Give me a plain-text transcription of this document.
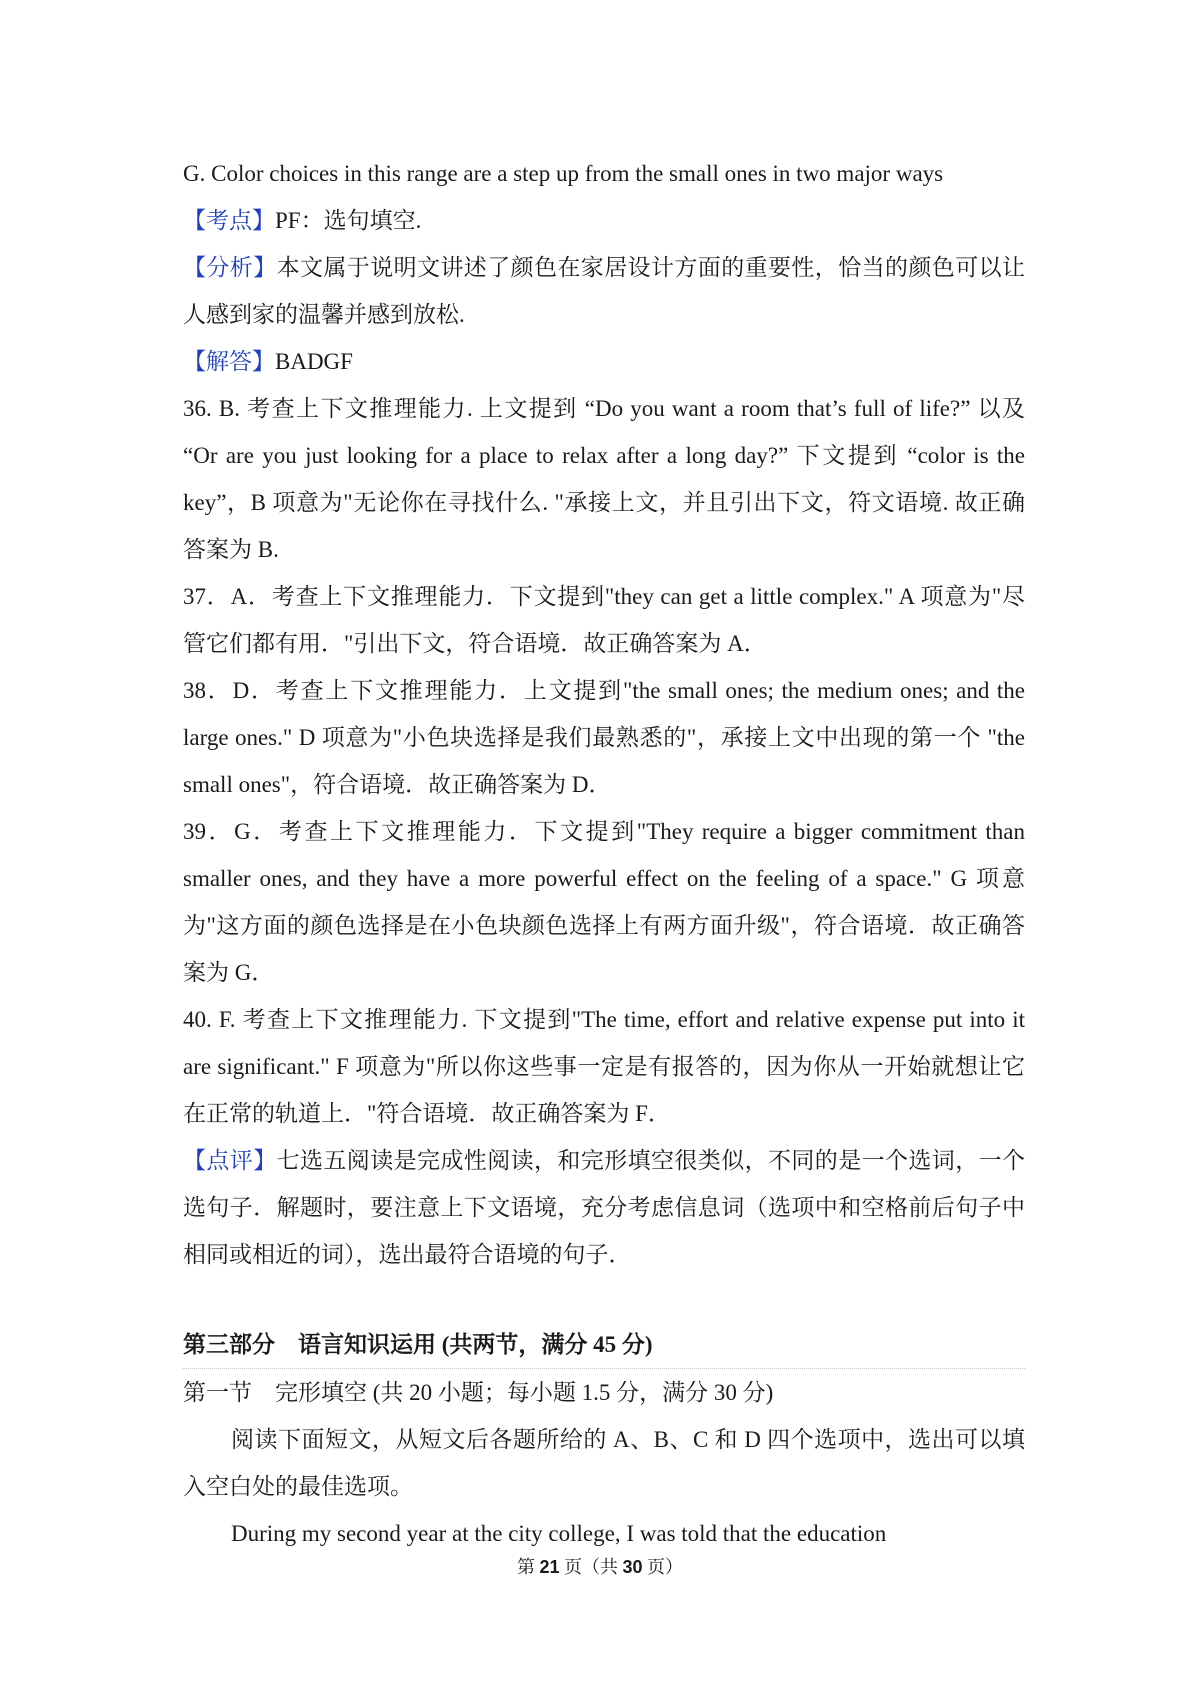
G. Color choices in this range are a step up from the small ones in two major ways

【考点】PF：选句填空.

【分析】本文属于说明文讲述了颜色在家居设计方面的重要性，恰当的颜色可以让人感到家的温馨并感到放松.

【解答】BADGF

36. B. 考查上下文推理能力. 上文提到 “Do you want a room that’s full of life?” 以及 “Or are you just looking for a place to relax after a long day?” 下文提到 “color is the key”，B 项意为"无论你在寻找什么. "承接上文，并且引出下文，符文语境. 故正确答案为 B.

37．A．考查上下文推理能力．下文提到"they can get a little complex." A 项意为"尽管它们都有用．"引出下文，符合语境．故正确答案为 A．

38．D．考查上下文推理能力．上文提到"the small ones; the medium ones; and the large ones." D 项意为"小色块选择是我们最熟悉的"，承接上文中出现的第一个 "the small ones"，符合语境．故正确答案为 D．

39．G．考查上下文推理能力．下文提到"They require a bigger commitment than smaller ones, and they have a more powerful effect on the feeling of a space." G 项意为"这方面的颜色选择是在小色块颜色选择上有两方面升级"，符合语境．故正确答案为 G．

40. F. 考查上下文推理能力. 下文提到"The time, effort and relative expense put into it are significant." F 项意为"所以你这些事一定是有报答的，因为你从一开始就想让它在正常的轨道上．"符合语境．故正确答案为 F．

【点评】七选五阅读是完成性阅读，和完形填空很类似，不同的是一个选词，一个选句子．解题时，要注意上下文语境，充分考虑信息词（选项中和空格前后句子中相同或相近的词），选出最符合语境的句子．

第三部分　语言知识运用 (共两节，满分 45 分)

第一节　完形填空 (共 20 小题；每小题 1.5 分，满分 30 分)

阅读下面短文，从短文后各题所给的 A、B、C 和 D 四个选项中，选出可以填入空白处的最佳选项。

During my second year at the city college, I was told that the education

第 21 页（共 30 页）
